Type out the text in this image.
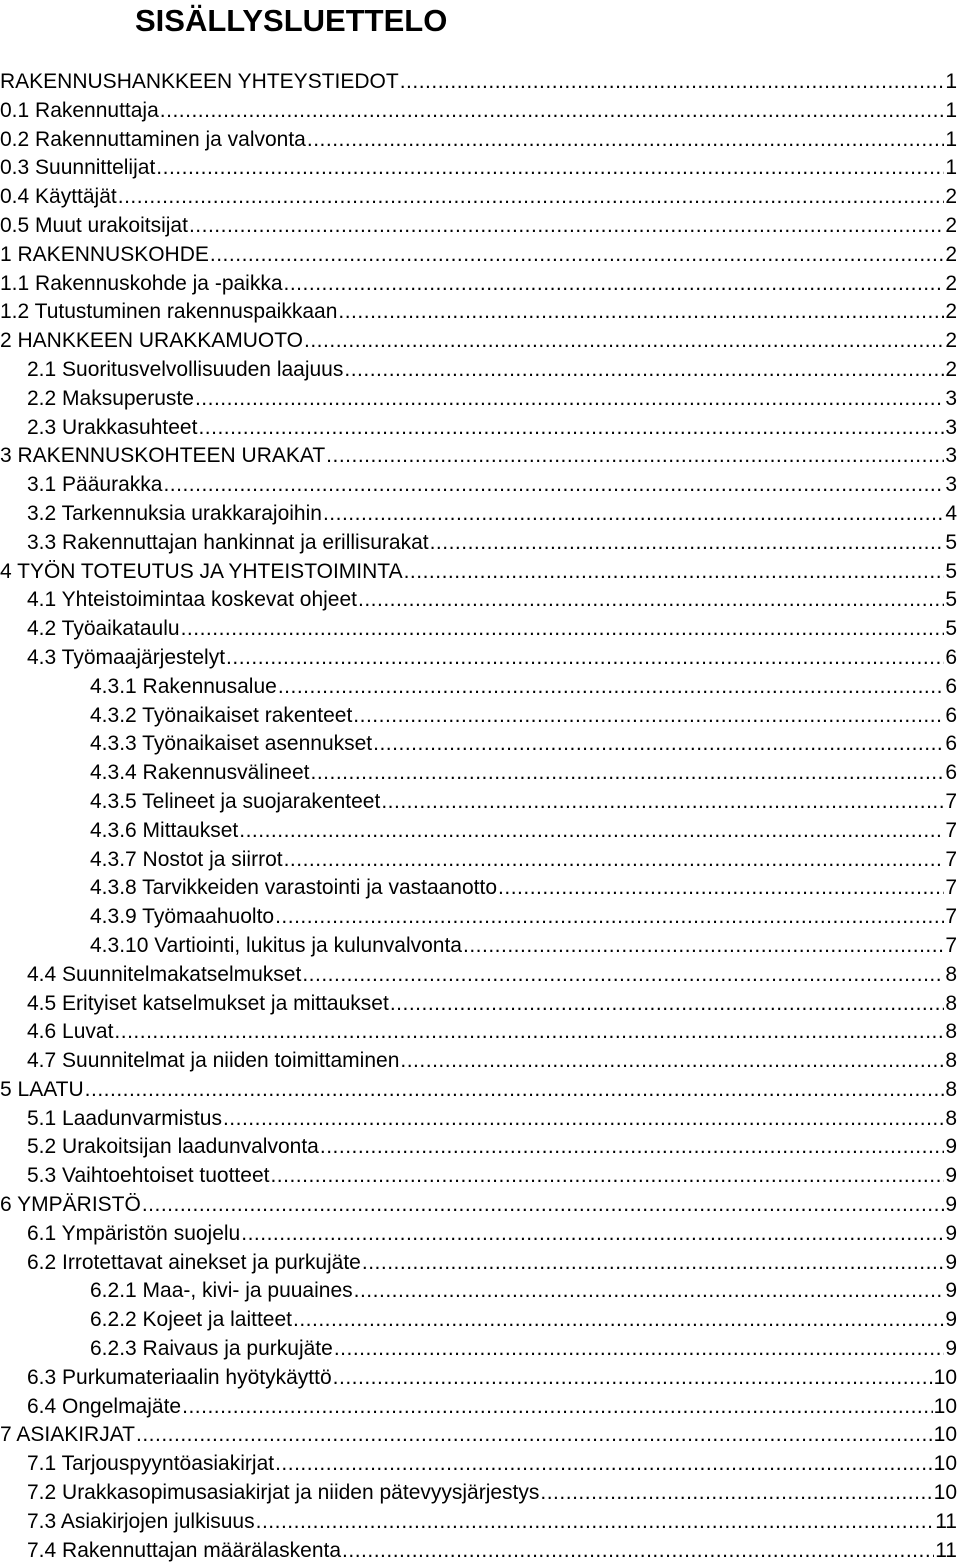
SISÄLLYSLUETTELO
RAKENNUSHANKKEEN YHTEYSTIEDOT .....	1
0.1 Rakennuttaja .....	1
0.2 Rakennuttaminen ja valvonta .....	1
0.3 Suunnittelijat .....	1
0.4 Käyttäjät .....	2
0.5 Muut urakoitsijat .....	2
1 RAKENNUSKOHDE .....	2
1.1 Rakennuskohde ja -paikka .....	2
1.2 Tutustuminen rakennuspaikkaan .....	2
2 HANKKEEN URAKKAMUOTO .....	2
2.1 Suoritusvelvollisuuden laajuus .....	2
2.2 Maksuperuste .....	3
2.3 Urakkasuhteet .....	3
3 RAKENNUSKOHTEEN URAKAT .....	3
3.1 Pääurakka .....	3
3.2 Tarkennuksia urakkarajoihin .....	4
3.3 Rakennuttajan hankinnat ja erillisurakat .....	5
4 TYÖN TOTEUTUS JA YHTEISTOIMINTA .....	5
4.1 Yhteistoimintaa koskevat ohjeet .....	5
4.2 Työaikataulu .....	5
4.3 Työmaajärjestelyt .....	6
4.3.1 Rakennusalue .....	6
4.3.2 Työnaikaiset rakenteet .....	6
4.3.3 Työnaikaiset asennukset .....	6
4.3.4 Rakennusvälineet .....	6
4.3.5 Telineet ja suojarakenteet .....	7
4.3.6 Mittaukset .....	7
4.3.7 Nostot ja siirrot .....	7
4.3.8 Tarvikkeiden varastointi ja vastaanotto .....	7
4.3.9 Työmaahuolto .....	7
4.3.10 Vartiointi, lukitus ja kulunvalvonta .....	7
4.4 Suunnitelmakatselmukset .....	8
4.5 Erityiset katselmukset ja mittaukset .....	8
4.6 Luvat .....	8
4.7 Suunnitelmat ja niiden toimittaminen .....	8
5 LAATU .....	8
5.1 Laadunvarmistus .....	8
5.2 Urakoitsijan laadunvalvonta .....	9
5.3 Vaihtoehtoiset tuotteet .....	9
6 YMPÄRISTÖ .....	9
6.1 Ympäristön suojelu .....	9
6.2 Irrotettavat ainekset ja purkujäte .....	9
6.2.1 Maa-, kivi- ja puuaines .....	9
6.2.2 Kojeet ja laitteet .....	9
6.2.3 Raivaus ja purkujäte .....	9
6.3 Purkumateriaalin hyötykäyttö .....	10
6.4 Ongelmajäte .....	10
7 ASIAKIRJAT .....	10
7.1 Tarjouspyyntöasiakirjat .....	10
7.2 Urakkasopimusasiakirjat ja niiden pätevyysjärjestys .....	10
7.3 Asiakirjojen julkisuus .....	11
7.4 Rakennuttajan määrälaskenta .....	11
